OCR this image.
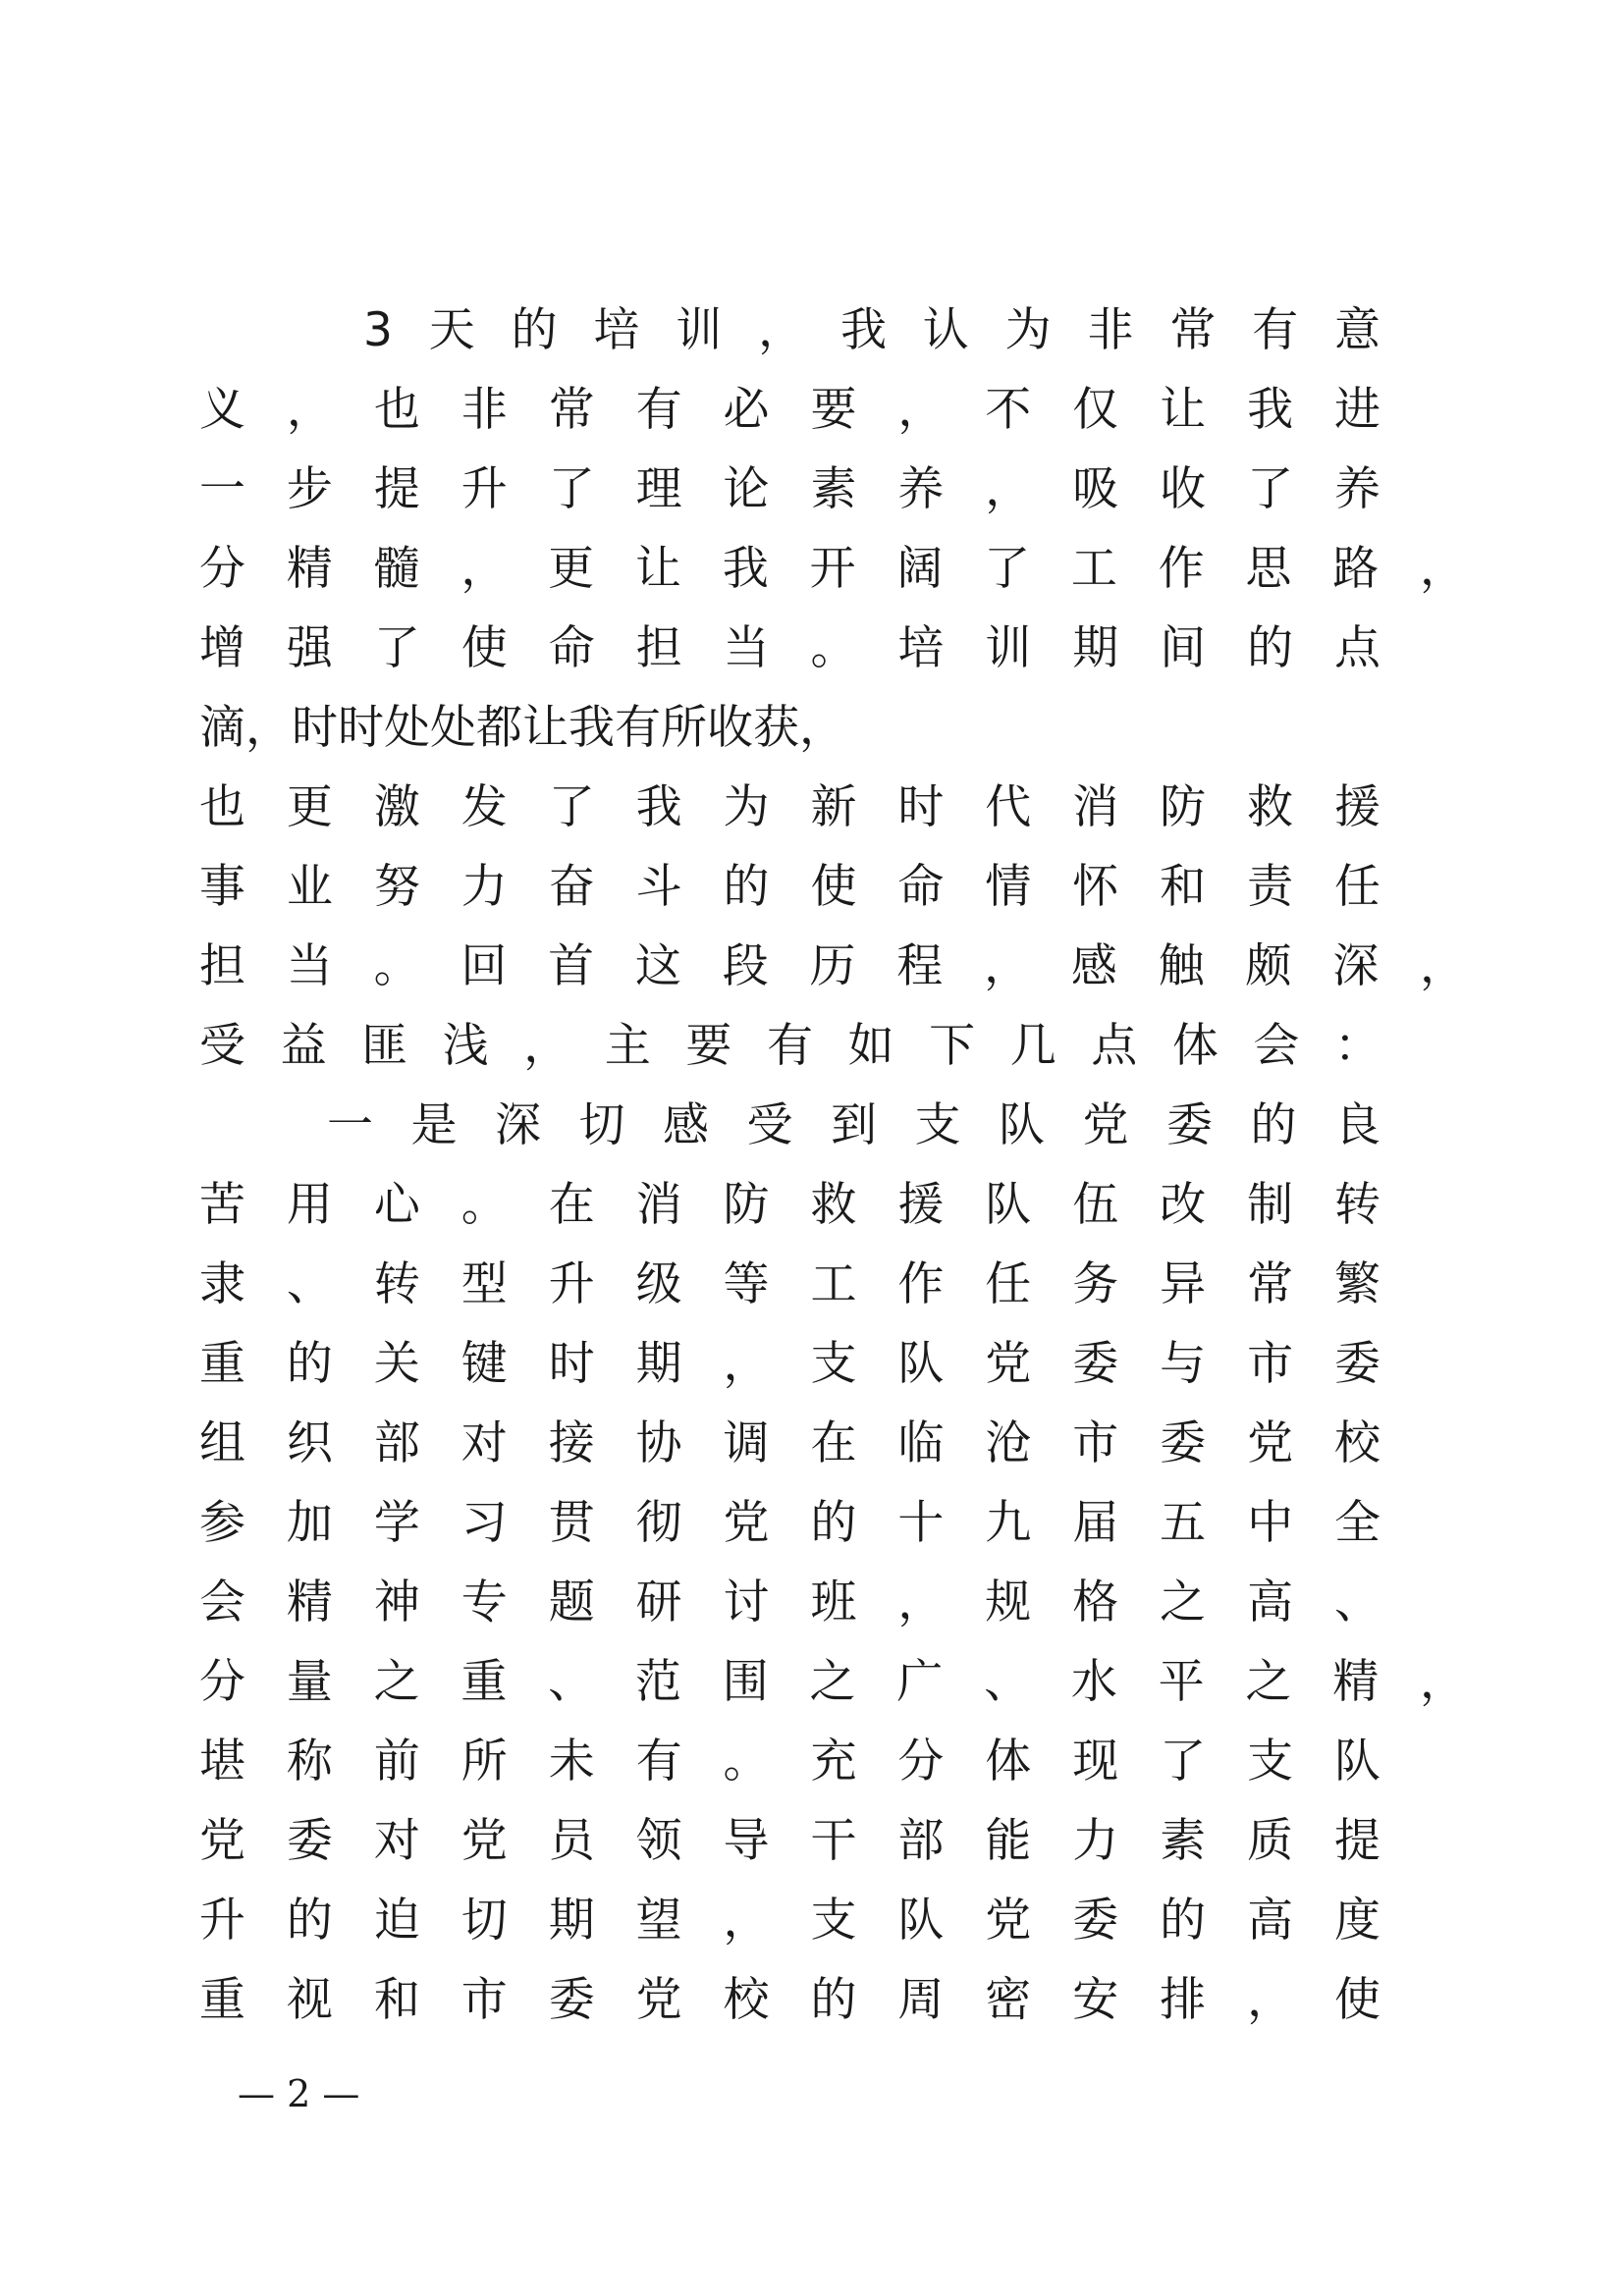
3天的培训，我认为非常有意
义，也非常有必要，不仅让我进
一步提升了理论素养，吸收了养
分精髓，更让我开阔了工作思路，
增强了使命担当。培训期间的点
滴，时时处处都让我有所收获，
也更激发了我为新时代消防救援
事业努力奋斗的使命情怀和责任
担当。回首这段历程，感触颇深，
受益匪浅，主要有如下几点体会：
一是深切感受到支队党委的良
苦用心。在消防救援队伍改制转
隶、转型升级等工作任务异常繁
重的关键时期，支队党委与市委
组织部对接协调在临沧市委党校
参加学习贯彻党的十九届五中全
会精神专题研讨班，规格之高、
分量之重、范围之广、水平之精，
堪称前所未有。充分体现了支队
党委对党员领导干部能力素质提
升的迫切期望，支队党委的高度
重视和市委党校的周密安排，使
— 2 —
